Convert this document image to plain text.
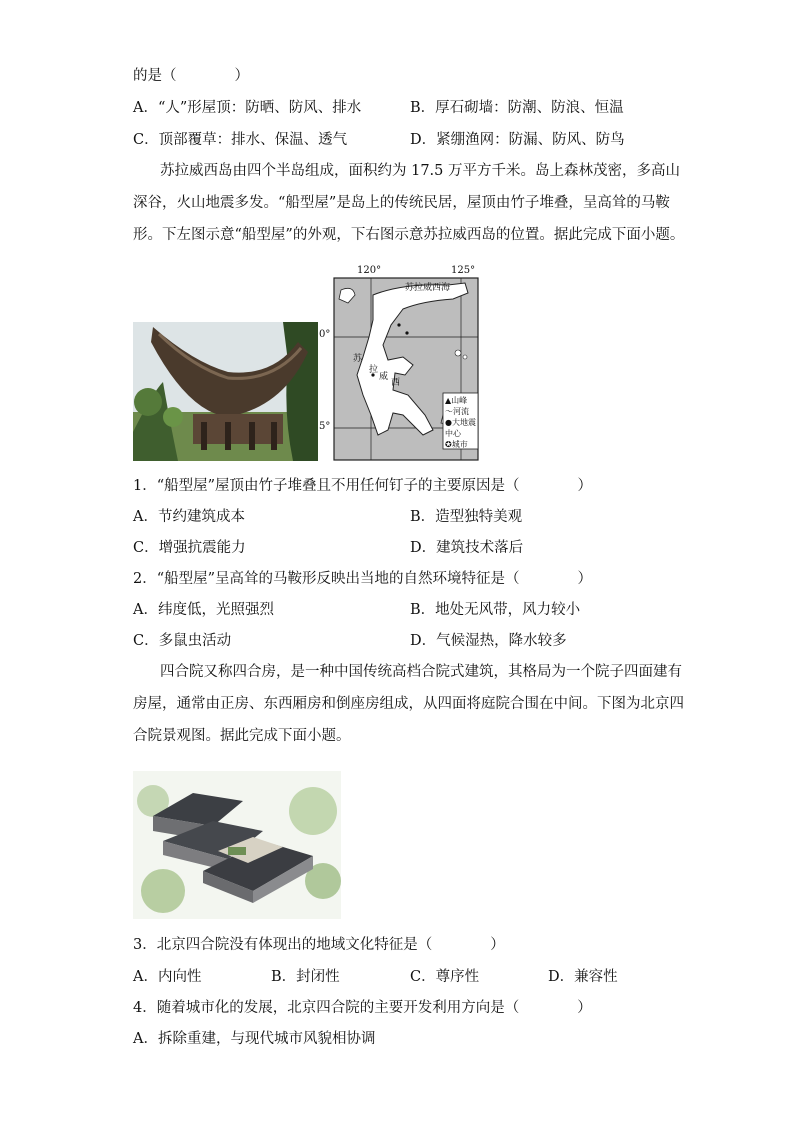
的是（　　　　）
A．“人”形屋顶：防晒、防风、排水	B．厚石砌墙：防潮、防浪、恒温
C．顶部覆草：排水、保温、透气	D．紧绷渔网：防漏、防风、防鸟
苏拉威西岛由四个半岛组成，面积约为 17.5 万平方千米。岛上森林茂密，多高山
深谷，火山地震多发。“船型屋”是岛上的传统民居，屋顶由竹子堆叠，呈高耸的马鞍
形。下左图示意“船型屋”的外观，下右图示意苏拉威西岛的位置。据此完成下面小题。
120°	125°
0°
5°
苏拉威西海
苏
拉
威
西
▲山峰
〜河流
●大地震中心
✪城市
1．“船型屋”屋顶由竹子堆叠且不用任何钉子的主要原因是（　　　　）
A．节约建筑成本	B．造型独特美观
C．增强抗震能力	D．建筑技术落后
2．“船型屋”呈高耸的马鞍形反映出当地的自然环境特征是（　　　　）
A．纬度低，光照强烈	B．地处无风带，风力较小
C．多鼠虫活动	D．气候湿热，降水较多
四合院又称四合房，是一种中国传统高档合院式建筑，其格局为一个院子四面建有
房屋，通常由正房、东西厢房和倒座房组成，从四面将庭院合围在中间。下图为北京四
合院景观图。据此完成下面小题。
3．北京四合院没有体现出的地域文化特征是（　　　　）
A．内向性	B．封闭性	C．尊序性	D．兼容性
4．随着城市化的发展，北京四合院的主要开发利用方向是（　　　　）
A．拆除重建，与现代城市风貌相协调
